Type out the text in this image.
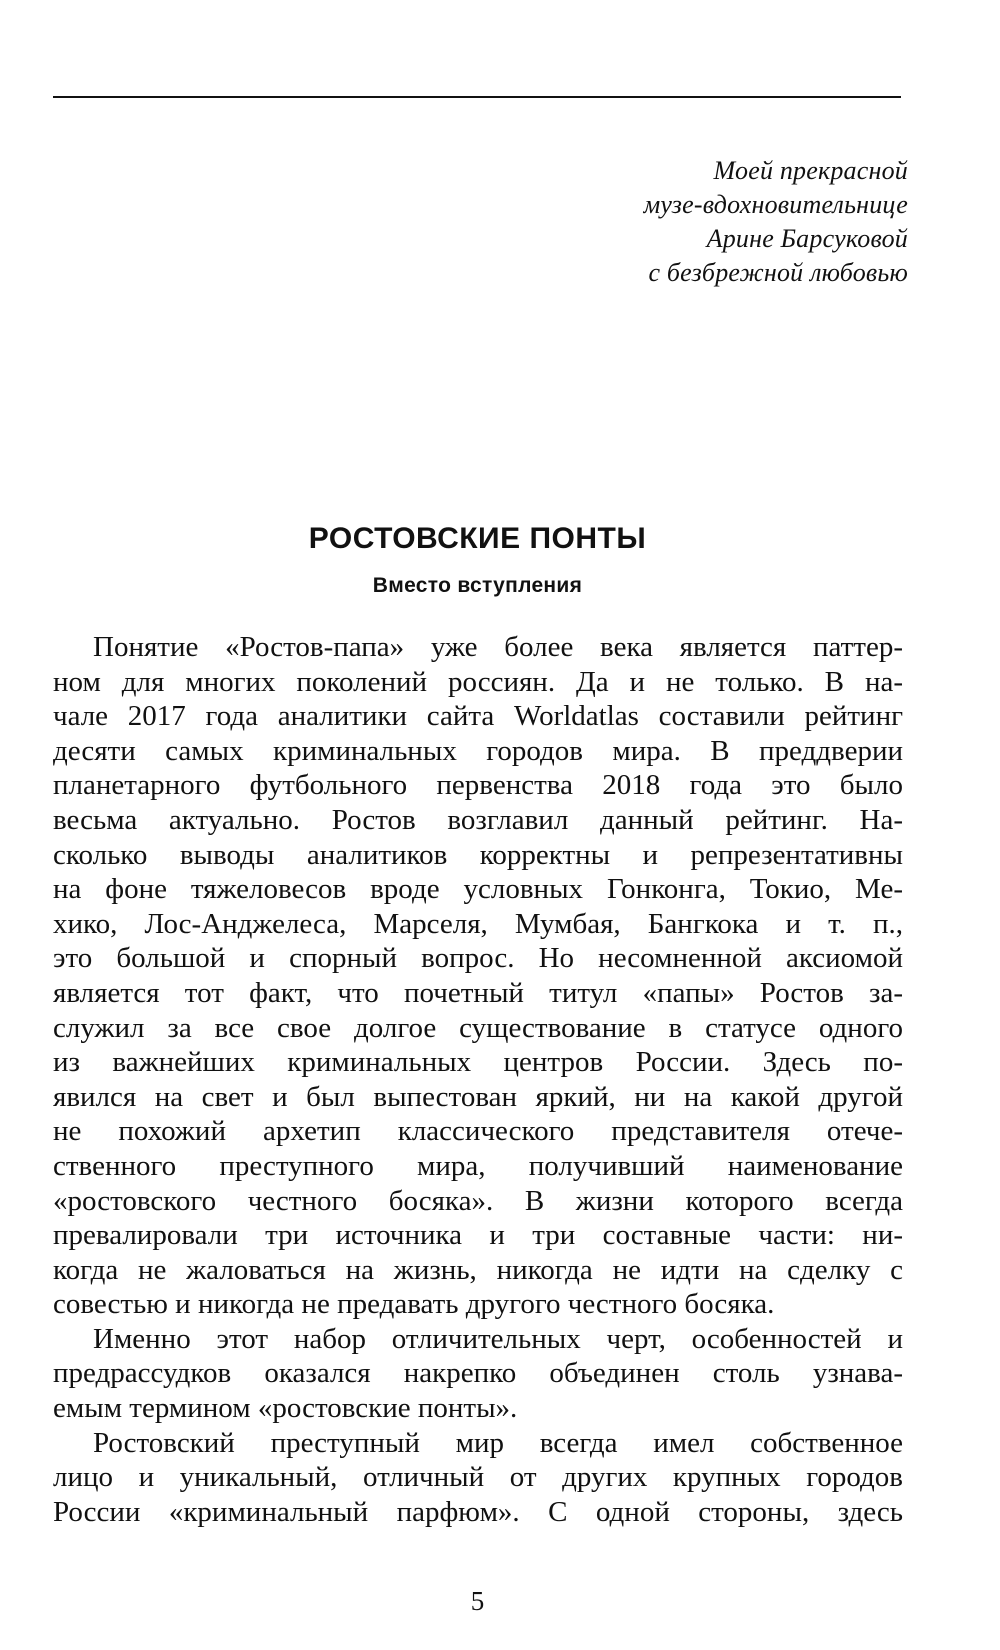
Моей прекрасной
музе-вдохновительнице
Арине Барсуковой
с безбрежной любовью
РОСТОВСКИЕ ПОНТЫ
Вместо вступления
Понятие «Ростов-папа» уже более века является паттер-
ном для многих поколений россиян. Да и не только. В на-
чале 2017 года аналитики сайта Worldatlas составили рейтинг
десяти самых криминальных городов мира. В преддверии
планетарного футбольного первенства 2018 года это было
весьма актуально. Ростов возглавил данный рейтинг. На-
сколько выводы аналитиков корректны и репрезентативны
на фоне тяжеловесов вроде условных Гонконга, Токио, Ме-
хико, Лос-Анджелеса, Марселя, Мумбая, Бангкока и т. п.,
это большой и спорный вопрос. Но несомненной аксиомой
является тот факт, что почетный титул «папы» Ростов за-
служил за все свое долгое существование в статусе одного
из важнейших криминальных центров России. Здесь по-
явился на свет и был выпестован яркий, ни на какой другой
не похожий архетип классического представителя отече-
ственного преступного мира, получивший наименование
«ростовского честного босяка». В жизни которого всегда
превалировали три источника и три составные части: ни-
когда не жаловаться на жизнь, никогда не идти на сделку с
совестью и никогда не предавать другого честного босяка.
Именно этот набор отличительных черт, особенностей и
предрассудков оказался накрепко объединен столь узнава-
емым термином «ростовские понты».
Ростовский преступный мир всегда имел собственное
лицо и уникальный, отличный от других крупных городов
России «криминальный парфюм». С одной стороны, здесь
5
